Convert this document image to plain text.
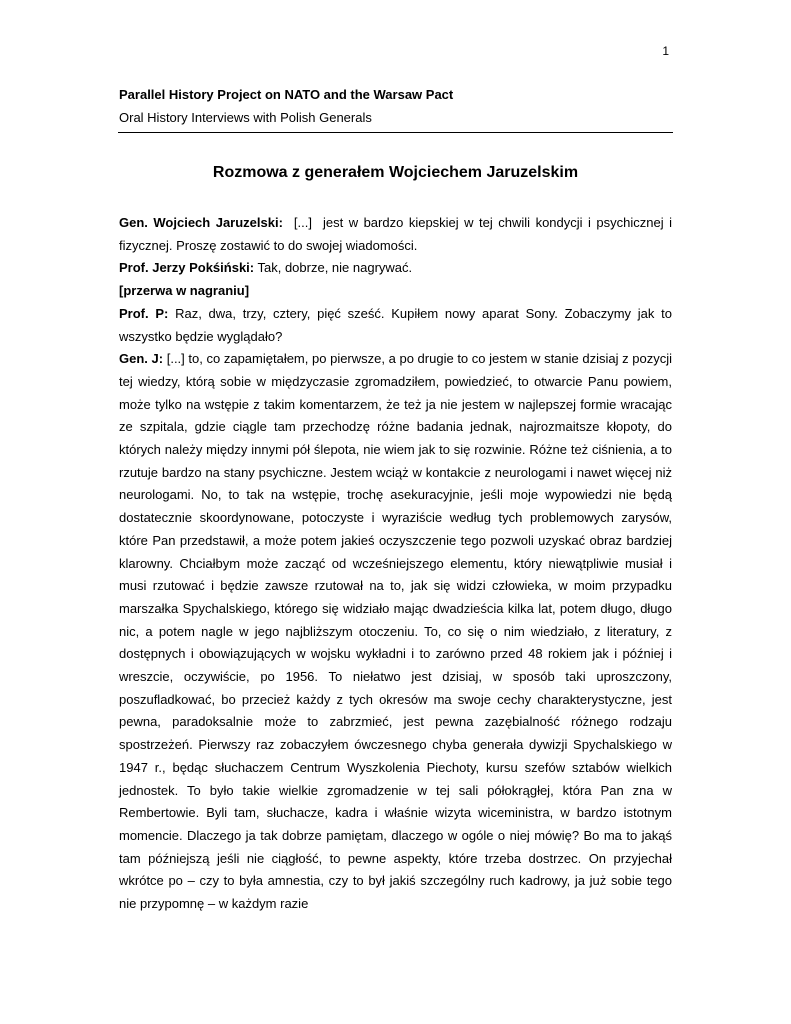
1
Parallel History Project on NATO and the Warsaw Pact
Oral History Interviews with Polish Generals
Rozmowa z generałem Wojciechem Jaruzelskim

Gen. Wojciech Jaruzelski:  [...]  jest w bardzo kiepskiej w tej chwili kondycji i psychicznej i fizycznej. Proszę zostawić to do swojej wiadomości.

Prof. Jerzy Pokśiński: Tak, dobrze, nie nagrywać.

[przerwa w nagraniu]

Prof. P: Raz, dwa, trzy, cztery, pięć sześć. Kupiłem nowy aparat Sony. Zobaczymy jak to wszystko będzie wyglądało?

Gen. J: [...] to, co zapamiętałem, po pierwsze, a po drugie to co jestem w stanie dzisiaj z pozycji tej wiedzy, którą sobie w międzyczasie zgromadziłem, powiedzieć, to otwarcie Panu powiem, może tylko na wstępie z takim komentarzem, że też ja nie jestem w najlepszej formie wracając ze szpitala, gdzie ciągle tam przechodzę różne badania jednak, najrozmaitsze kłopoty, do których należy między innymi pół ślepota, nie wiem jak to się rozwinie. Różne też ciśnienia, a to rzutuje bardzo na stany psychiczne. Jestem wciąż w kontakcie z neurologami i nawet więcej niż neurologami. No, to tak na wstępie, trochę asekuracyjnie, jeśli moje wypowiedzi nie będą dostatecznie skoordynowane, potoczyste i wyraziście według tych problemowych zarysów, które Pan przedstawił, a może potem jakieś oczyszczenie tego pozwoli uzyskać obraz bardziej klarowny. Chciałbym może zacząć od wcześniejszego elementu, który niewątpliwie musiał i musi rzutować i będzie zawsze rzutował na to, jak się widzi człowieka, w moim przypadku marszałka Spychalskiego, którego się widziało mając dwadzieścia kilka lat, potem długo, długo nic, a potem nagle w jego najbliższym otoczeniu. To, co się o nim wiedziało, z literatury, z dostępnych i obowiązujących w wojsku wykładni i to zarówno przed 48 rokiem jak i później i wreszcie, oczywiście, po 1956. To niełatwo jest dzisiaj, w sposób taki uproszczony, poszufladkować, bo przecież każdy z tych okresów ma swoje cechy charakterystyczne, jest pewna, paradoksalnie może to zabrzmieć, jest pewna zazębialność różnego rodzaju spostrzeżeń. Pierwszy raz zobaczyłem ówczesnego chyba generała dywizji Spychalskiego w 1947 r., będąc słuchaczem Centrum Wyszkolenia Piechoty, kursu szefów sztabów wielkich jednostek. To było takie wielkie zgromadzenie w tej sali półokrągłej, która Pan zna w Rembertowie. Byli tam, słuchacze, kadra i właśnie wizyta wiceministra, w bardzo istotnym momencie. Dlaczego ja tak dobrze pamiętam, dlaczego w ogóle o niej mówię? Bo ma to jakąś tam późniejszą jeśli nie ciągłość, to pewne aspekty, które trzeba dostrzec. On przyjechał wkrótce po – czy to była amnestia, czy to był jakiś szczególny ruch kadrowy, ja już sobie tego nie przypomnę – w każdym razie
